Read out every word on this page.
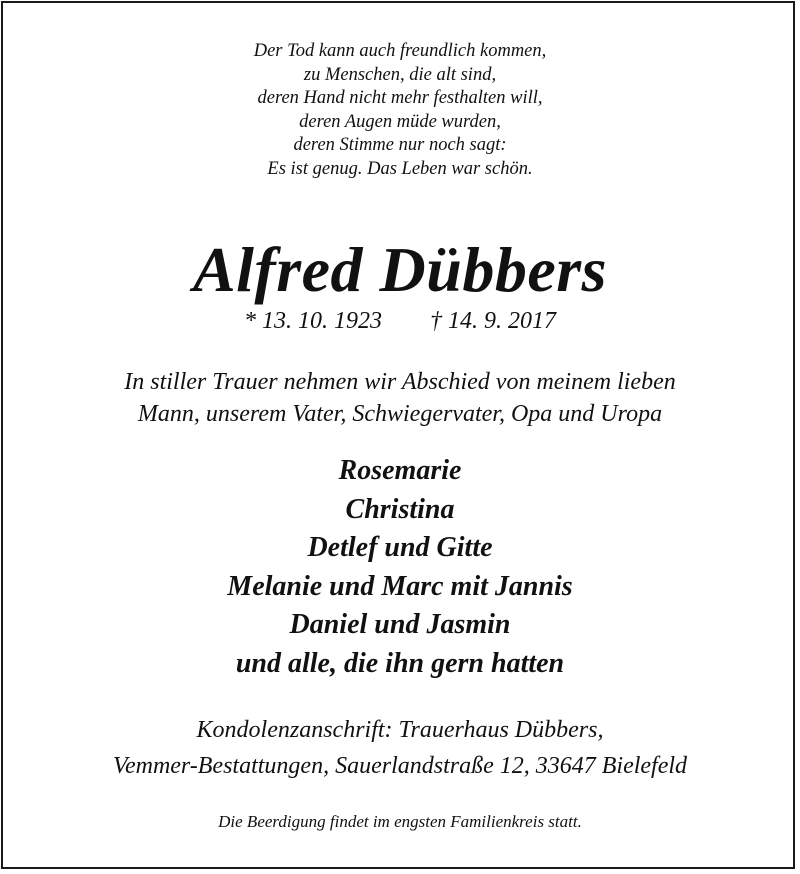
Der Tod kann auch freundlich kommen,
zu Menschen, die alt sind,
deren Hand nicht mehr festhalten will,
deren Augen müde wurden,
deren Stimme nur noch sagt:
Es ist genug. Das Leben war schön.
Alfred Dübbers
* 13. 10. 1923 † 14. 9. 2017
In stiller Trauer nehmen wir Abschied von meinem lieben
Mann, unserem Vater, Schwiegervater, Opa und Uropa
Rosemarie
Christina
Detlef und Gitte
Melanie und Marc mit Jannis
Daniel und Jasmin
und alle, die ihn gern hatten
Kondolenzanschrift: Trauerhaus Dübbers,
Vemmer-Bestattungen, Sauerlandstraße 12, 33647 Bielefeld
Die Beerdigung findet im engsten Familienkreis statt.
